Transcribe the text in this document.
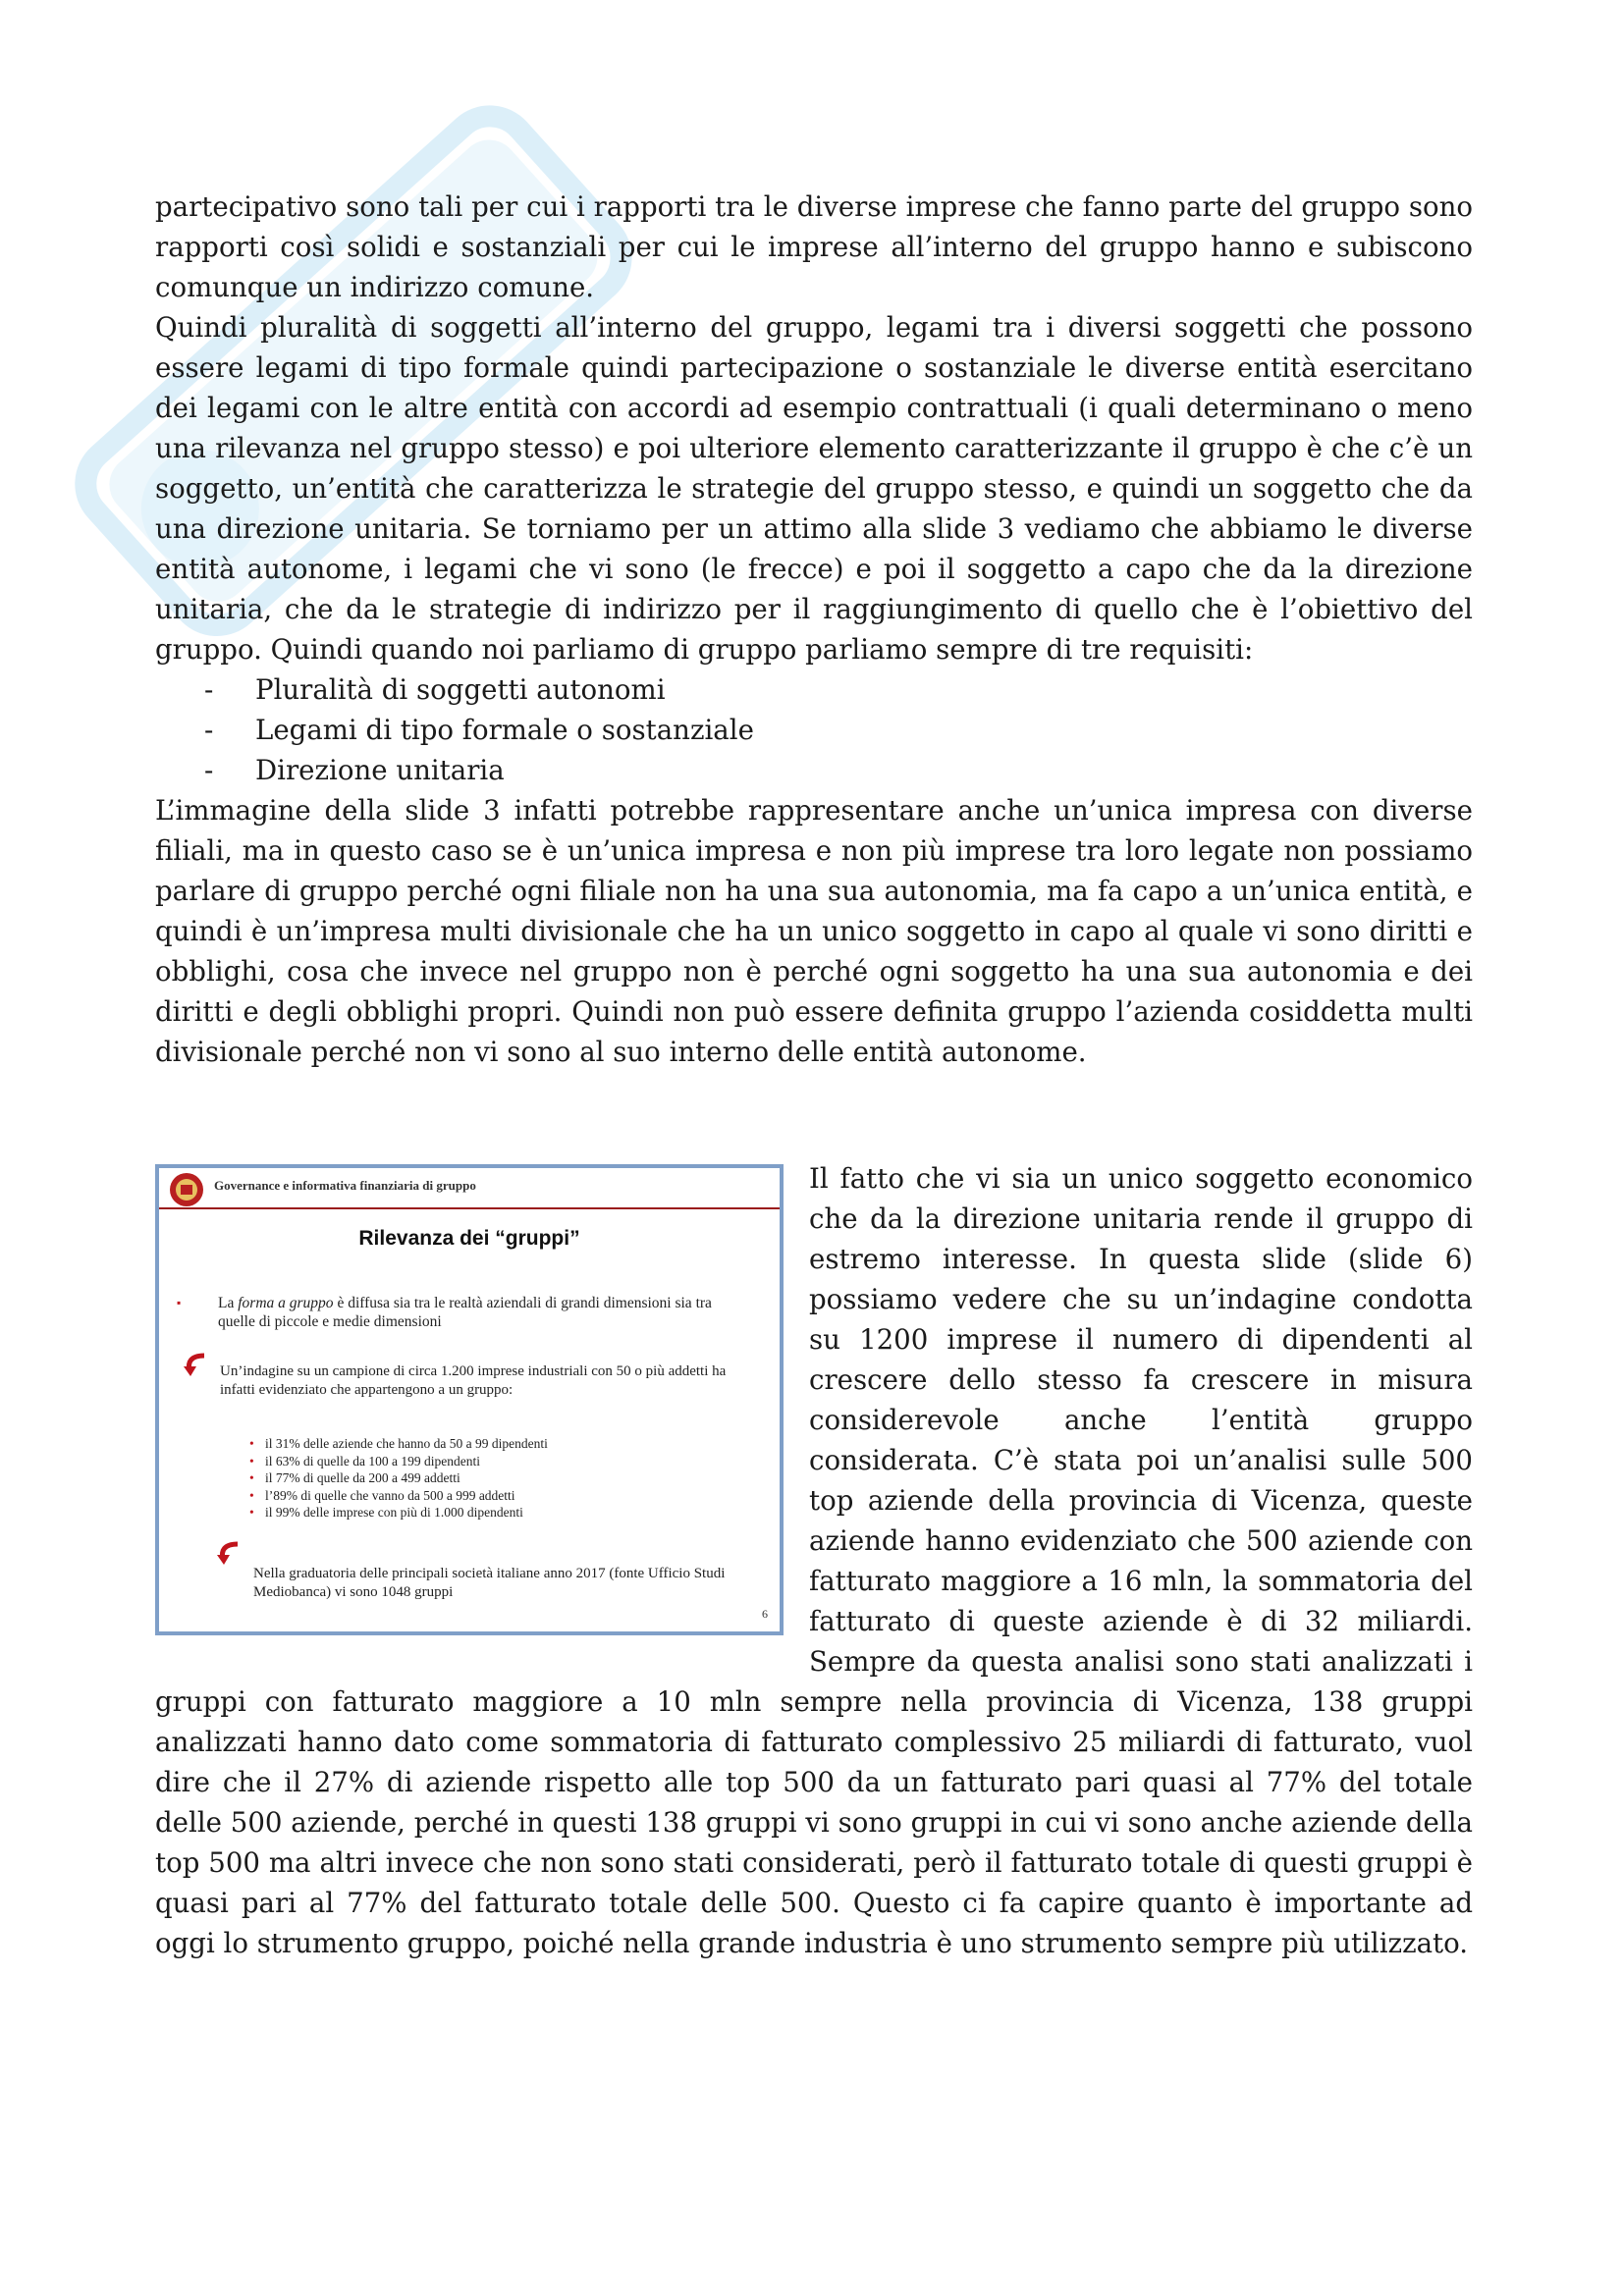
partecipativo sono tali per cui i rapporti tra le diverse imprese che fanno parte del gruppo sono rapporti così solidi e sostanziali per cui le imprese all’interno del gruppo hanno e subiscono comunque un indirizzo comune.

Quindi pluralità di soggetti all’interno del gruppo, legami tra i diversi soggetti che possono essere legami di tipo formale quindi partecipazione o sostanziale le diverse entità esercitano dei legami con le altre entità con accordi ad esempio contrattuali (i quali determinano o meno una rilevanza nel gruppo stesso) e poi ulteriore elemento caratterizzante il gruppo è che c’è un soggetto, un’entità che caratterizza le strategie del gruppo stesso, e quindi un soggetto che da una direzione unitaria. Se torniamo per un attimo alla slide 3 vediamo che abbiamo le diverse entità autonome, i legami che vi sono (le frecce) e poi il soggetto a capo che da la direzione unitaria, che da le strategie di indirizzo per il raggiungimento di quello che è l’obiettivo del gruppo. Quindi quando noi parliamo di gruppo parliamo sempre di tre requisiti:

- Pluralità di soggetti autonomi
- Legami di tipo formale o sostanziale
- Direzione unitaria

L’immagine della slide 3 infatti potrebbe rappresentare anche un’unica impresa con diverse filiali, ma in questo caso se è un’unica impresa e non più imprese tra loro legate non possiamo parlare di gruppo perché ogni filiale non ha una sua autonomia, ma fa capo a un’unica entità, e quindi è un’impresa multi divisionale che ha un unico soggetto in capo al quale vi sono diritti e obblighi, cosa che invece nel gruppo non è perché ogni soggetto ha una sua autonomia e dei diritti e degli obblighi propri. Quindi non può essere definita gruppo l’azienda cosiddetta multi divisionale perché non vi sono al suo interno delle entità autonome.

Governance e informativa finanziaria di gruppo
Rilevanza dei “gruppi”
▪ La forma a gruppo è diffusa sia tra le realtà aziendali di grandi dimensioni sia tra quelle di piccole e medie dimensioni
Un’indagine su un campione di circa 1.200 imprese industriali con 50 o più addetti ha infatti evidenziato che appartengono a un gruppo:
• il 31% delle aziende che hanno da 50 a 99 dipendenti
• il 63% di quelle da 100 a 199 dipendenti
• il 77% di quelle da 200 a 499 addetti
• l’89% di quelle che vanno da 500 a 999 addetti
• il 99% delle imprese con più di 1.000 dipendenti
Nella graduatoria delle principali società italiane anno 2017 (fonte Ufficio Studi Mediobanca) vi sono 1048 gruppi
6

Il fatto che vi sia un unico soggetto economico che da la direzione unitaria rende il gruppo di estremo interesse. In questa slide (slide 6) possiamo vedere che su un’indagine condotta su 1200 imprese il numero di dipendenti al crescere dello stesso fa crescere in misura considerevole anche l’entità gruppo considerata. C’è stata poi un’analisi sulle 500 top aziende della provincia di Vicenza, queste aziende hanno evidenziato che 500 aziende con fatturato maggiore a 16 mln, la sommatoria del fatturato di queste aziende è di 32 miliardi. Sempre da questa analisi sono stati analizzati i gruppi con fatturato maggiore a 10 mln sempre nella provincia di Vicenza, 138 gruppi analizzati hanno dato come sommatoria di fatturato complessivo 25 miliardi di fatturato, vuol dire che il 27% di aziende rispetto alle top 500 da un fatturato pari quasi al 77% del totale delle 500 aziende, perché in questi 138 gruppi vi sono gruppi in cui vi sono anche aziende della top 500 ma altri invece che non sono stati considerati, però il fatturato totale di questi gruppi è quasi pari al 77% del fatturato totale delle 500. Questo ci fa capire quanto è importante ad oggi lo strumento gruppo, poiché nella grande industria è uno strumento sempre più utilizzato.
